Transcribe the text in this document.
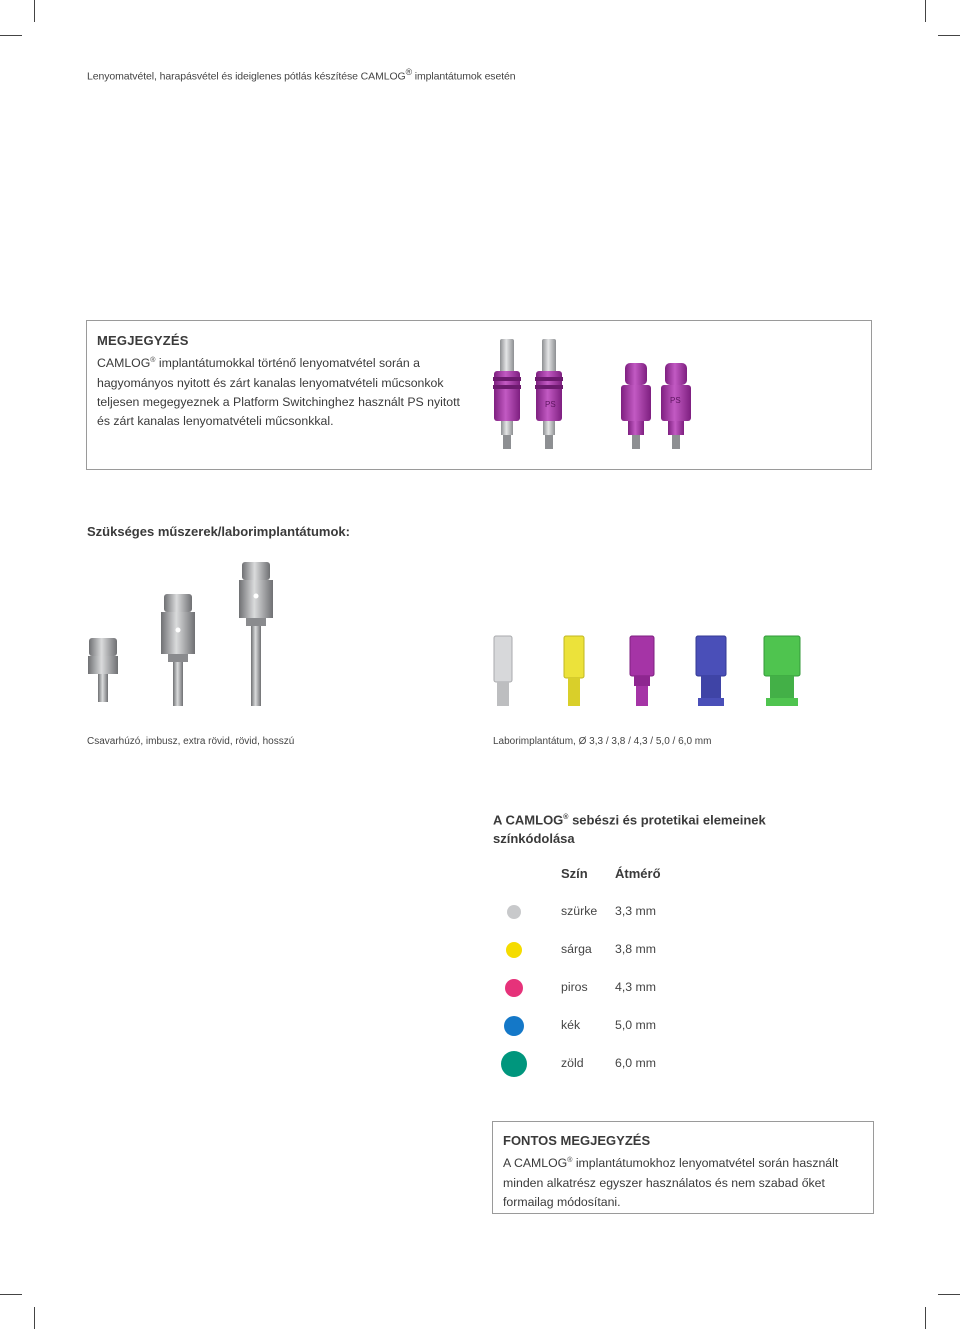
Lenyomatvétel, harapásvétel és ideiglenes pótlás készítése CAMLOG® implantátumok esetén
MEGJEGYZÉS
CAMLOG® implantátumokkal történő lenyomatvétel során a hagyományos nyitott és zárt kanalas lenyomatvételi műcsonkok teljesen megegyeznek a Platform Switchinghez használt PS nyitott és zárt kanalas lenyomatvételi műcsonkkal.
PS	PS
Szükséges műszerek/laborimplantátumok:
Csavarhúzó, imbusz, extra rövid, rövid, hosszú	Laborimplantátum, Ø 3,3 / 3,8 / 4,3 / 5,0 / 6,0 mm
A CAMLOG® sebészi és protetikai elemeinek színkódolása
Szín Átmérő
szürke 3,3 mm
sárga 3,8 mm
piros 4,3 mm
kék	5,0 mm
zöld	6,0 mm
FONTOS MEGJEGYZÉS
A CAMLOG® implantátumokhoz lenyomatvétel során használt minden alkatrész egyszer használatos és nem szabad őket formailag módosítani.
